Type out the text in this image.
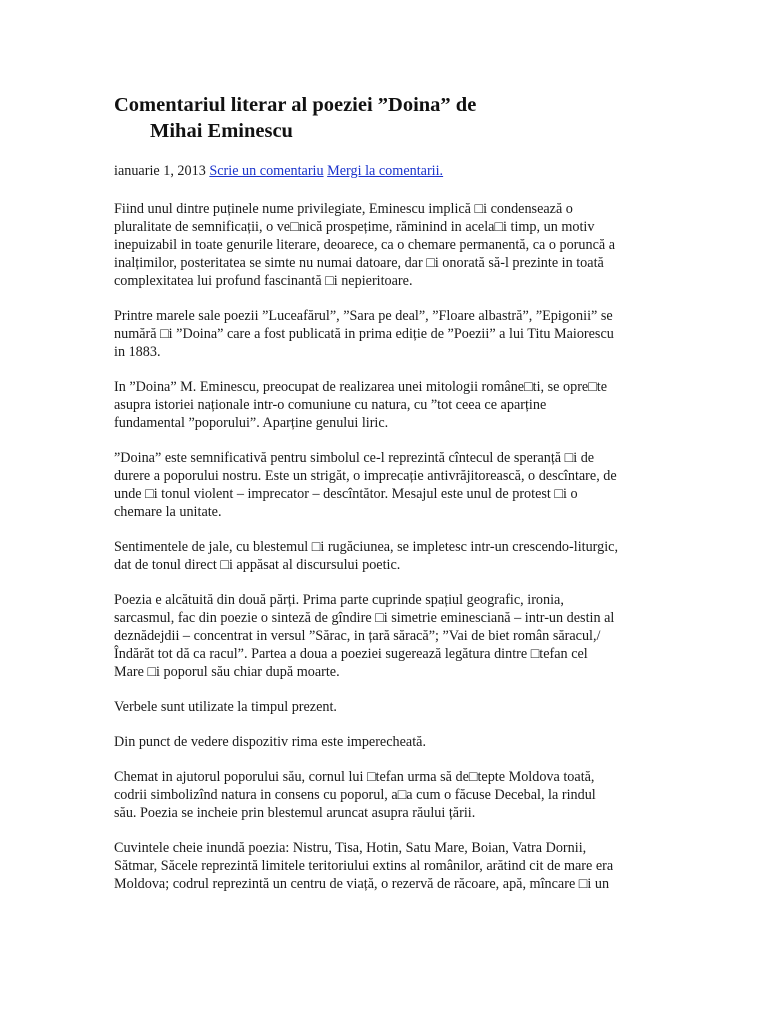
Comentariul literar al poeziei ”Doina” de
Mihai Eminescu
ianuarie 1, 2013 Scrie un comentariu Mergi la comentarii.

Fiind unul dintre puținele nume privilegiate, Eminescu implică □i condensează o
pluralitate de semnificații, o ve□nică prospețime, răminind in acela□i timp, un motiv
inepuizabil in toate genurile literare, deoarece, ca o chemare permanentă, ca o poruncă a
inalțimilor, posteritatea se simte nu numai datoare, dar □i onorată să-l prezinte in toată
complexitatea lui profund fascinantă □i nepieritoare.

Printre marele sale poezii ”Luceafărul”, ”Sara pe deal”, ”Floare albastră”, ”Epigonii” se
numără □i ”Doina” care a fost publicată in prima ediție de ”Poezii” a lui Titu Maiorescu
in 1883.

In ”Doina” M. Eminescu, preocupat de realizarea unei mitologii române□ti, se opre□te
asupra istoriei naționale intr-o comuniune cu natura, cu ”tot ceea ce aparține
fundamental ”poporului”. Aparține genului liric.

”Doina” este semnificativă pentru simbolul ce-l reprezintă cîntecul de speranță □i de
durere a poporului nostru. Este un strigăt, o imprecație antivrăjitorească, o descîntare, de
unde □i tonul violent – imprecator – descîntător. Mesajul este unul de protest □i o
chemare la unitate.

Sentimentele de jale, cu blestemul □i rugăciunea, se impletesc intr-un crescendo-liturgic,
dat de tonul direct □i appăsat al discursului poetic.

Poezia e alcătuită din două părți. Prima parte cuprinde spațiul geografic, ironia,
sarcasmul, fac din poezie o sinteză de gîndire □i simetrie eminesciană – intr-un destin al
deznădejdii – concentrat in versul ”Sărac, in țară săracă”; ”Vai de biet român săracul,/
Îndărăt tot dă ca racul”. Partea a doua a poeziei sugerează legătura dintre □tefan cel
Mare □i poporul său chiar după moarte.

Verbele sunt utilizate la timpul prezent.

Din punct de vedere dispozitiv rima este imperecheată.

Chemat in ajutorul poporului său, cornul lui □tefan urma să de□tepte Moldova toată,
codrii simbolizînd natura in consens cu poporul, a□a cum o făcuse Decebal, la rindul
său. Poezia se incheie prin blestemul aruncat asupra răului țării.

Cuvintele cheie inundă poezia: Nistru, Tisa, Hotin, Satu Mare, Boian, Vatra Dornii,
Sătmar, Săcele reprezintă limitele teritoriului extins al românilor, arătind cit de mare era
Moldova; codrul reprezintă un centru de viață, o rezervă de răcoare, apă, mîncare □i un
